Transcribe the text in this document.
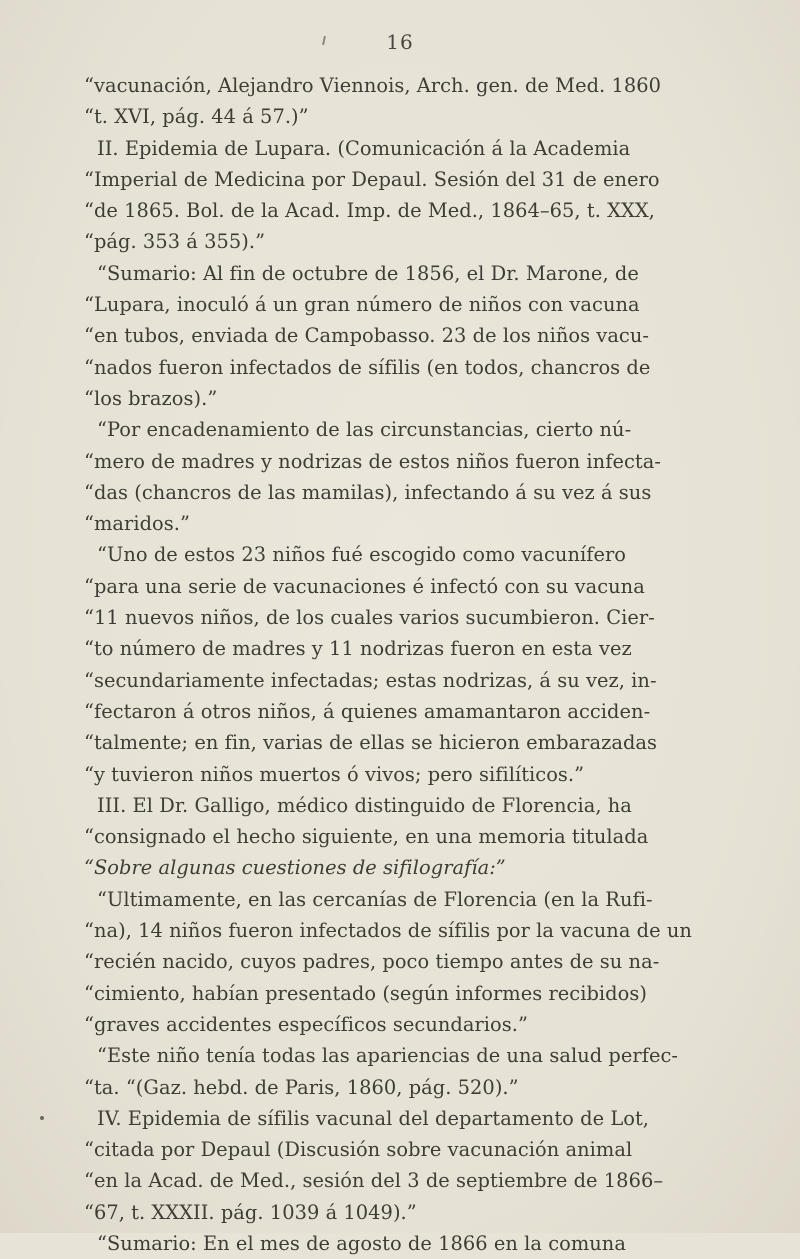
16
“vacunación, Alejandro Viennois, Arch. gen. de Med. 1860
“t. XVI, pág. 44 á 57.)”
II. Epidemia de Lupara. (Comunicación á la Academia
“Imperial de Medicina por Depaul. Sesión del 31 de enero
“de 1865. Bol. de la Acad. Imp. de Med., 1864–65, t. XXX,
“pág. 353 á 355).”
“Sumario: Al fin de octubre de 1856, el Dr. Marone, de
“Lupara, inoculó á un gran número de niños con vacuna
“en tubos, enviada de Campobasso. 23 de los niños vacu-
“nados fueron infectados de sífilis (en todos, chancros de
“los brazos).”
“Por encadenamiento de las circunstancias, cierto nú-
“mero de madres y nodrizas de estos niños fueron infecta-
“das (chancros de las mamilas), infectando á su vez á sus
“maridos.”
“Uno de estos 23 niños fué escogido como vacunífero
“para una serie de vacunaciones é infectó con su vacuna
“11 nuevos niños, de los cuales varios sucumbieron. Cier-
“to número de madres y 11 nodrizas fueron en esta vez
“secundariamente infectadas; estas nodrizas, á su vez, in-
“fectaron á otros niños, á quienes amamantaron acciden-
“talmente; en fin, varias de ellas se hicieron embarazadas
“y tuvieron niños muertos ó vivos; pero sifilíticos.”
III. El Dr. Galligo, médico distinguido de Florencia, ha
“consignado el hecho siguiente, en una memoria titulada
“Sobre algunas cuestiones de sifilografía:”
“Ultimamente, en las cercanías de Florencia (en la Rufi-
“na), 14 niños fueron infectados de sífilis por la vacuna de un
“recién nacido, cuyos padres, poco tiempo antes de su na-
“cimiento, habían presentado (según informes recibidos)
“graves accidentes específicos secundarios.”
“Este niño tenía todas las apariencias de una salud perfec-
“ta. “(Gaz. hebd. de Paris, 1860, pág. 520).”
IV. Epidemia de sífilis vacunal del departamento de Lot,
“citada por Depaul (Discusión sobre vacunación animal
“en la Acad. de Med., sesión del 3 de septiembre de 1866–
“67, t. XXXII. pág. 1039 á 1049).”
“Sumario: En el mes de agosto de 1866 en la comuna
